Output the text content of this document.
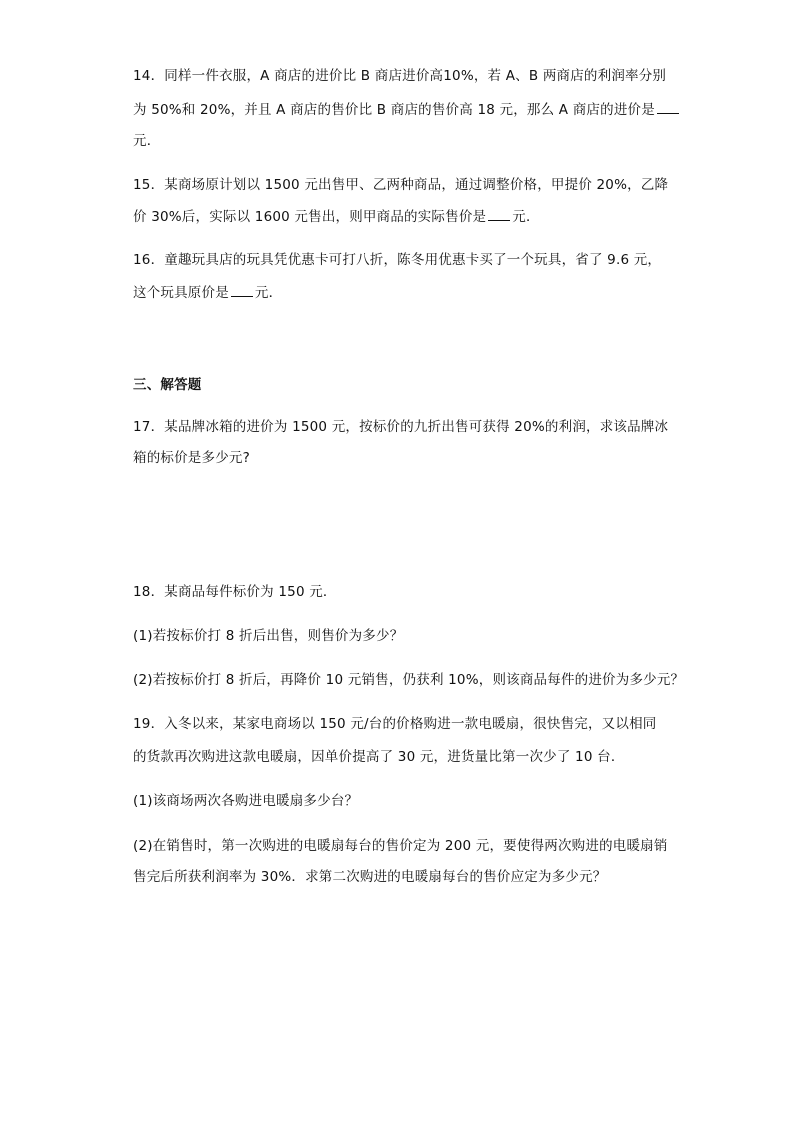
14．同样一件衣服，A 商店的进价比 B 商店进价高10%，若 A、B 两商店的利润率分别
为 50%和 20%，并且 A 商店的售价比 B 商店的售价高 18 元，那么 A 商店的进价是
元．
15．某商场原计划以 1500 元出售甲、乙两种商品，通过调整价格，甲提价 20%，乙降
价 30%后，实际以 1600 元售出，则甲商品的实际售价是 元．
16．童趣玩具店的玩具凭优惠卡可打八折，陈冬用优惠卡买了一个玩具，省了 9.6 元，
这个玩具原价是 元．
三、解答题
17．某品牌冰箱的进价为 1500 元，按标价的九折出售可获得 20%的利润，求该品牌冰
箱的标价是多少元?
18．某商品每件标价为 150 元．
(1)若按标价打 8 折后出售，则售价为多少？
(2)若按标价打 8 折后，再降价 10 元销售，仍获利 10%，则该商品每件的进价为多少元？
19．入冬以来，某家电商场以 150 元/台的价格购进一款电暖扇，很快售完，又以相同
的货款再次购进这款电暖扇，因单价提高了 30 元，进货量比第一次少了 10 台．
(1)该商场两次各购进电暖扇多少台？
(2)在销售时，第一次购进的电暖扇每台的售价定为 200 元，要使得两次购进的电暖扇销
售完后所获利润率为 30%．求第二次购进的电暖扇每台的售价应定为多少元？
